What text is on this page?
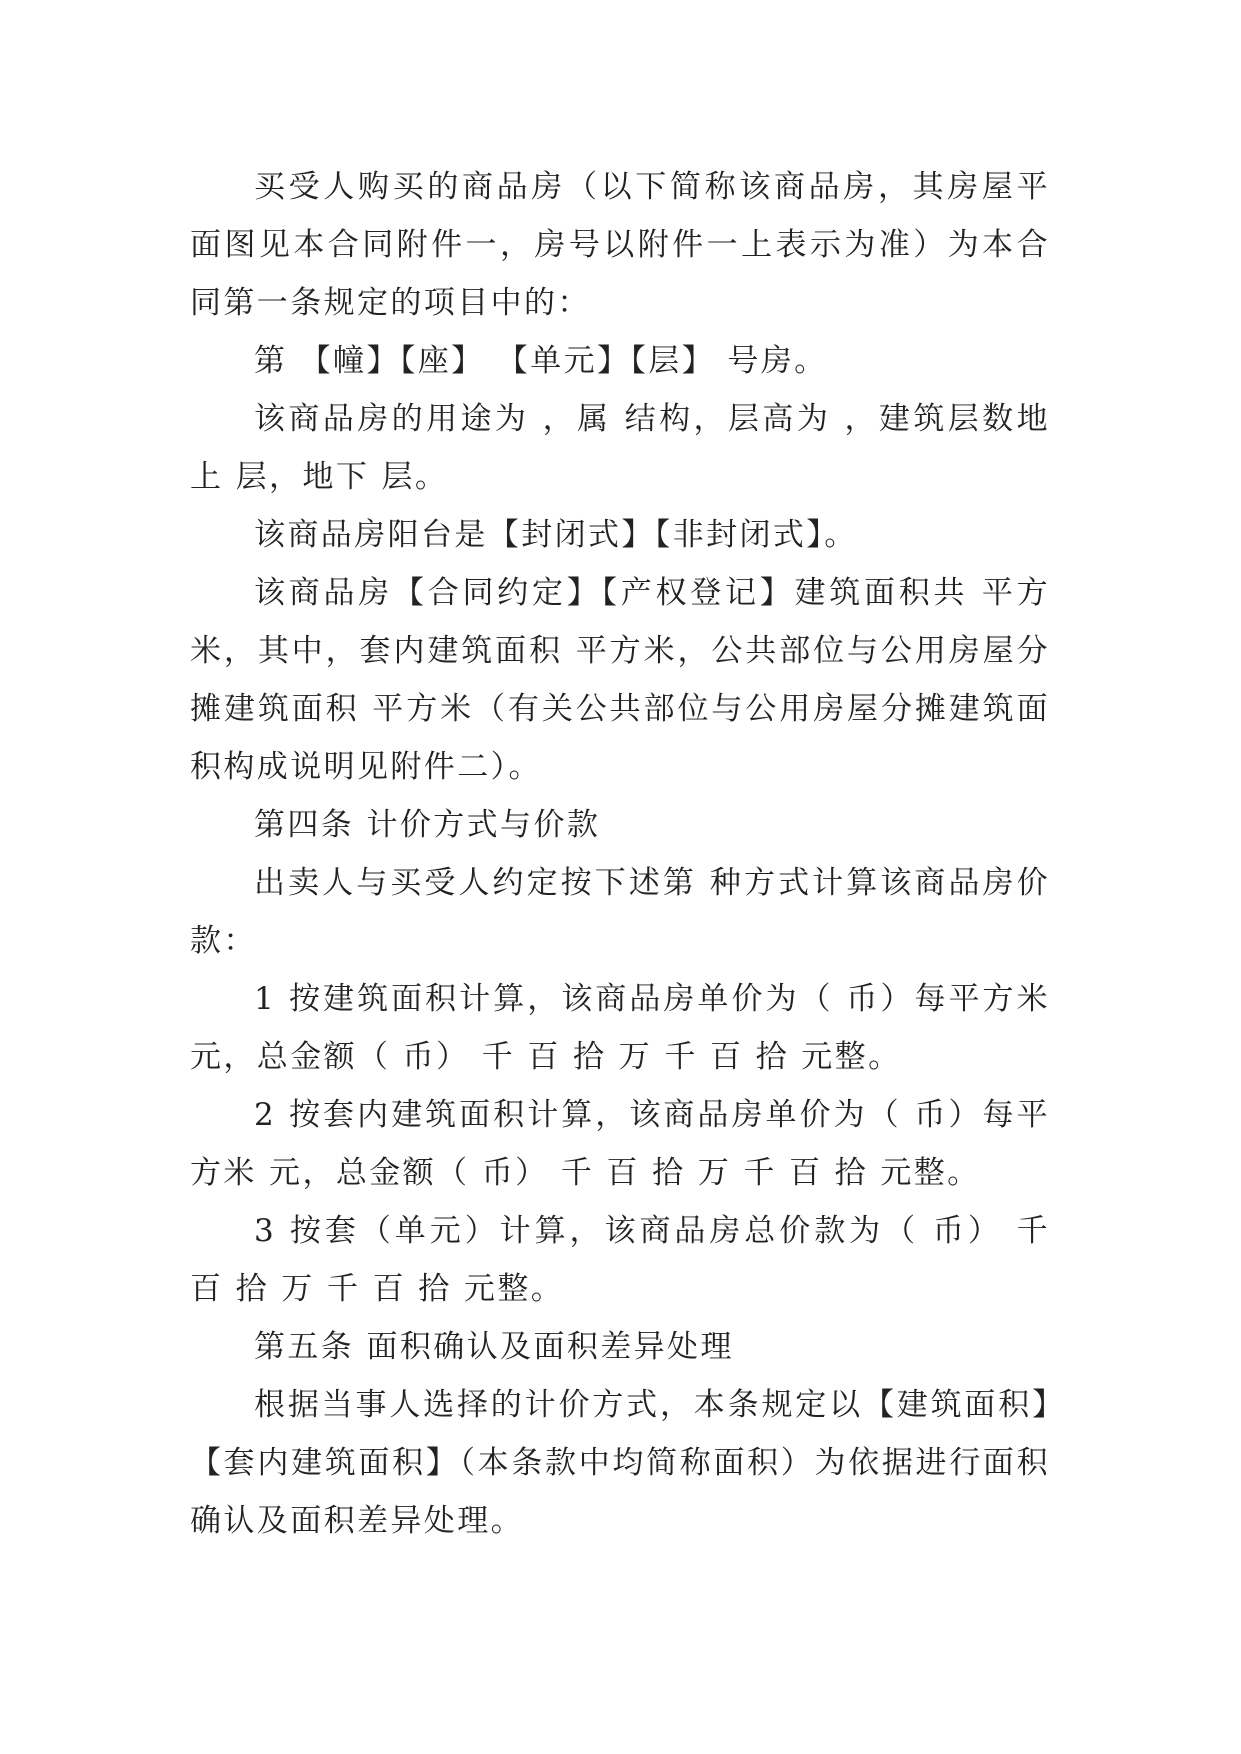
买受人购买的商品房（以下简称该商品房，其房屋平面图见本合同附件一，房号以附件一上表示为准）为本合同第一条规定的项目中的：

第 【幢】【座】 【单元】【层】 号房。

该商品房的用途为 ，属 结构，层高为 ，建筑层数地上 层，地下 层。

该商品房阳台是【封闭式】【非封闭式】。

该商品房【合同约定】【产权登记】建筑面积共 平方米，其中，套内建筑面积 平方米，公共部位与公用房屋分摊建筑面积 平方米（有关公共部位与公用房屋分摊建筑面积构成说明见附件二）。

第四条 计价方式与价款

出卖人与买受人约定按下述第 种方式计算该商品房价款：

1 按建筑面积计算，该商品房单价为（ 币）每平方米 元，总金额（ 币） 千 百 拾 万 千 百 拾 元整。

2 按套内建筑面积计算，该商品房单价为（ 币）每平方米 元，总金额（ 币） 千 百 拾 万 千 百 拾 元整。

3 按套（单元）计算，该商品房总价款为（ 币） 千 百 拾 万 千 百 拾 元整。

第五条 面积确认及面积差异处理

根据当事人选择的计价方式，本条规定以【建筑面积】【套内建筑面积】（本条款中均简称面积）为依据进行面积确认及面积差异处理。
